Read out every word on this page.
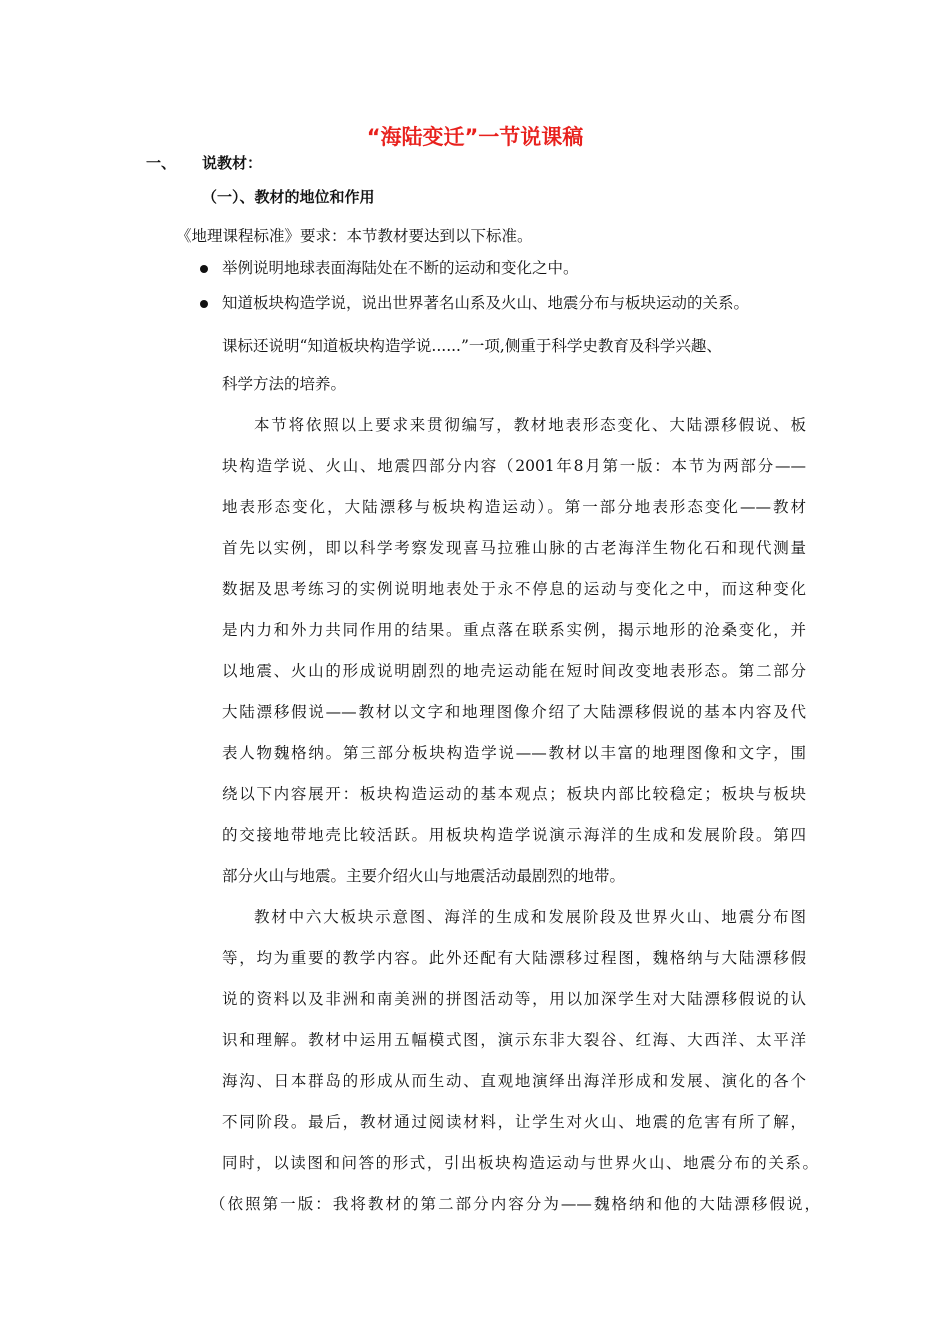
“海陆变迁”一节说课稿
一、 说教材：
（一）、教材的地位和作用
《地理课程标准》要求：本节教材要达到以下标准。
举例说明地球表面海陆处在不断的运动和变化之中。
知道板块构造学说，说出世界著名山系及火山、地震分布与板块运动的关系。
课标还说明“知道板块构造学说......”一项,侧重于科学史教育及科学兴趣、
科学方法的培养。
本节将依照以上要求来贯彻编写，教材地表形态变化、大陆漂移假说、板
块构造学说、火山、地震四部分内容（2001年8月第一版：本节为两部分——
地表形态变化，大陆漂移与板块构造运动）。第一部分地表形态变化——教材
首先以实例，即以科学考察发现喜马拉雅山脉的古老海洋生物化石和现代测量
数据及思考练习的实例说明地表处于永不停息的运动与变化之中，而这种变化
是内力和外力共同作用的结果。重点落在联系实例，揭示地形的沧桑变化，并
以地震、火山的形成说明剧烈的地壳运动能在短时间改变地表形态。第二部分
大陆漂移假说——教材以文字和地理图像介绍了大陆漂移假说的基本内容及代
表人物魏格纳。第三部分板块构造学说——教材以丰富的地理图像和文字，围
绕以下内容展开：板块构造运动的基本观点；板块内部比较稳定；板块与板块
的交接地带地壳比较活跃。用板块构造学说演示海洋的生成和发展阶段。第四
部分火山与地震。主要介绍火山与地震活动最剧烈的地带。
教材中六大板块示意图、海洋的生成和发展阶段及世界火山、地震分布图
等，均为重要的教学内容。此外还配有大陆漂移过程图，魏格纳与大陆漂移假
说的资料以及非洲和南美洲的拼图活动等，用以加深学生对大陆漂移假说的认
识和理解。教材中运用五幅模式图，演示东非大裂谷、红海、大西洋、太平洋
海沟、日本群岛的形成从而生动、直观地演绎出海洋形成和发展、演化的各个
不同阶段。最后，教材通过阅读材料，让学生对火山、地震的危害有所了解，
同时，以读图和问答的形式，引出板块构造运动与世界火山、地震分布的关系。
（依照第一版：我将教材的第二部分内容分为——魏格纳和他的大陆漂移假说，
